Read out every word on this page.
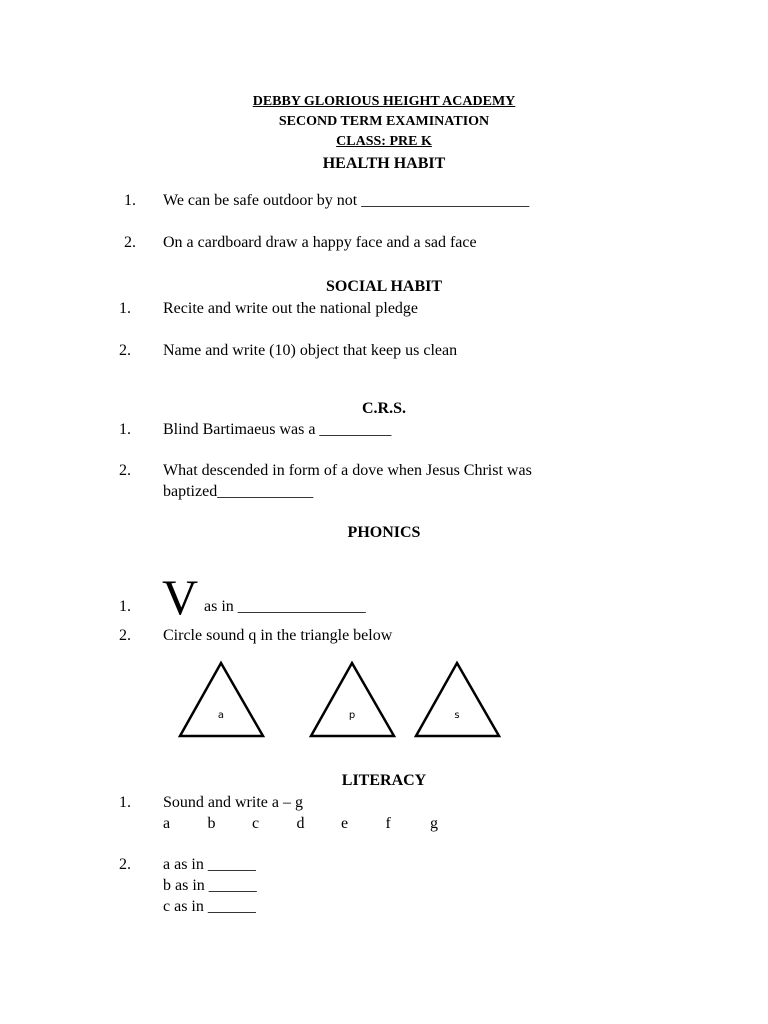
DEBBY GLORIOUS HEIGHT ACADEMY
SECOND TERM EXAMINATION
CLASS: PRE K
HEALTH HABIT
1. We can be safe outdoor by not _____________________
2. On a cardboard draw a happy face and a sad face
SOCIAL HABIT
1. Recite and write out the national pledge
2. Name and write (10) object that keep us clean
C.R.S.
1. Blind Bartimaeus was a _________
2. What descended in form of a dove when Jesus Christ was
baptized____________
PHONICS
1. V as in ________________
2. Circle sound q in the triangle below
a	p	s
LITERACY
1. Sound and write a – g
a b c d e f g
2. a as in ______
b as in ______
c as in ______
